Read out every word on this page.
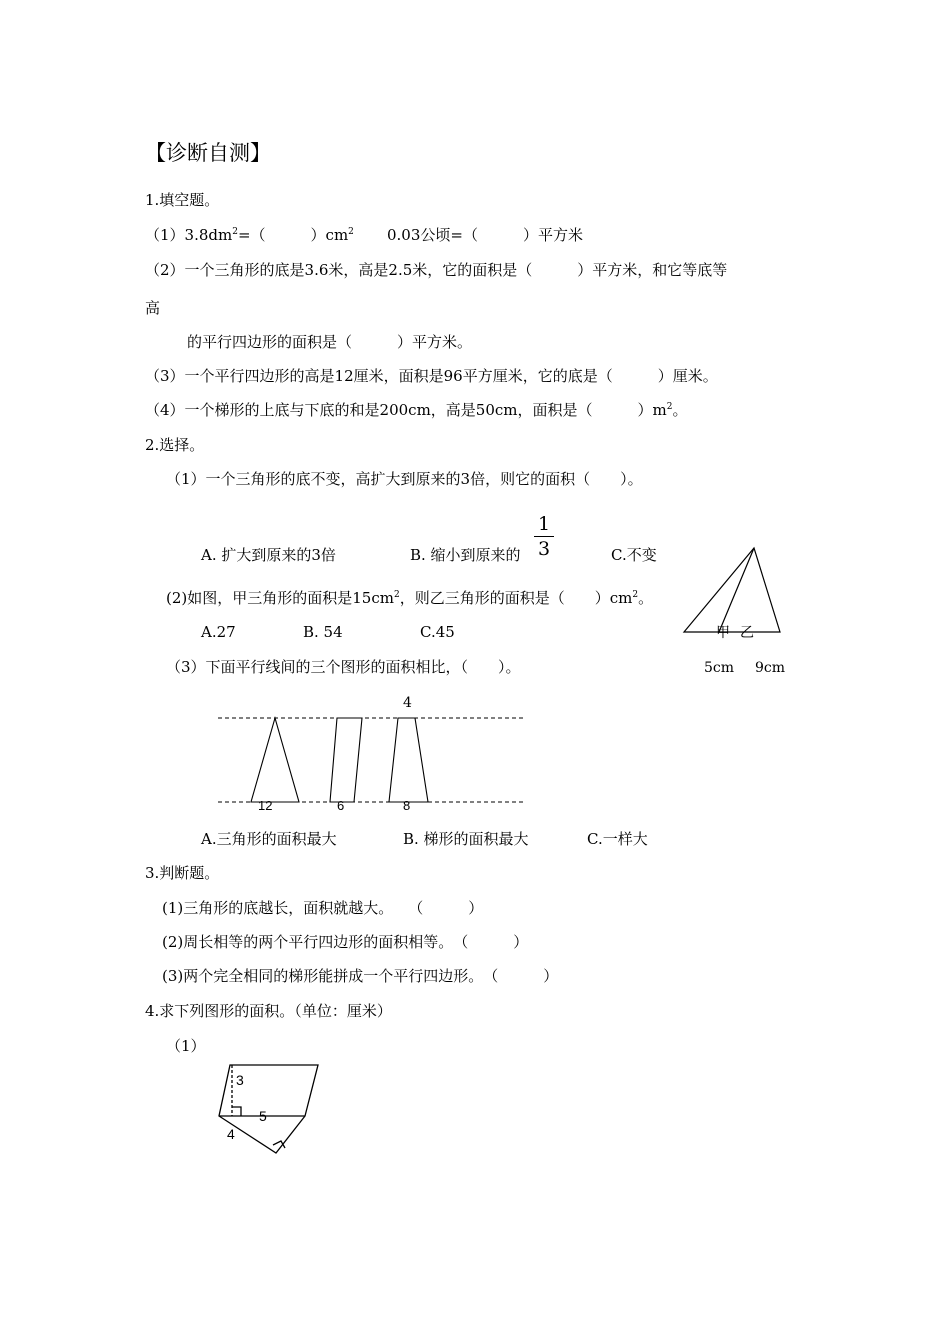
【诊断自测】
1.填空题。
$(1)3.8dm^2=$（　　　）$cm^2$ 0.03公顷=（　　　）平方米
（2）一个三角形的底是3.6米，高是2.5米，它的面积是（　　　）平方米，和它等底等
高
的平行四边形的面积是（　　　）平方米。
（3）一个平行四边形的高是12厘米，面积是96平方厘米，它的底是（　　　）厘米。
（4）一个梯形的上底与下底的和是200cm，高是50cm，面积是（　　　）$m^2$。
2.选择。
（1）一个三角形的底不变，高扩大到原来的3倍，则它的面积（　　）。
A. 扩大到原来的3倍	B. 缩小到原来的
1
3	C.不变
(2)如图，甲三角形的面积是$15cm^2$，则乙三角形的面积是（　　）$cm^2$。
A.27	B. 54	C.45
（3）下面平行线间的三个图形的面积相比，（　　）。
A.三角形的面积最大	B. 梯形的面积最大	C.一样大
3.判断题。
(1)三角形的底越长，面积就越大。　　（　　　）
(2)周长相等的两个平行四边形的面积相等。　（　　　）
(3)两个完全相同的梯形能拼成一个平行四边形。　（　　　）
4.求下列图形的面积。（单位：厘米）
（1）
甲 乙
5cm 9cm
4
12	6	8
3
5
4
